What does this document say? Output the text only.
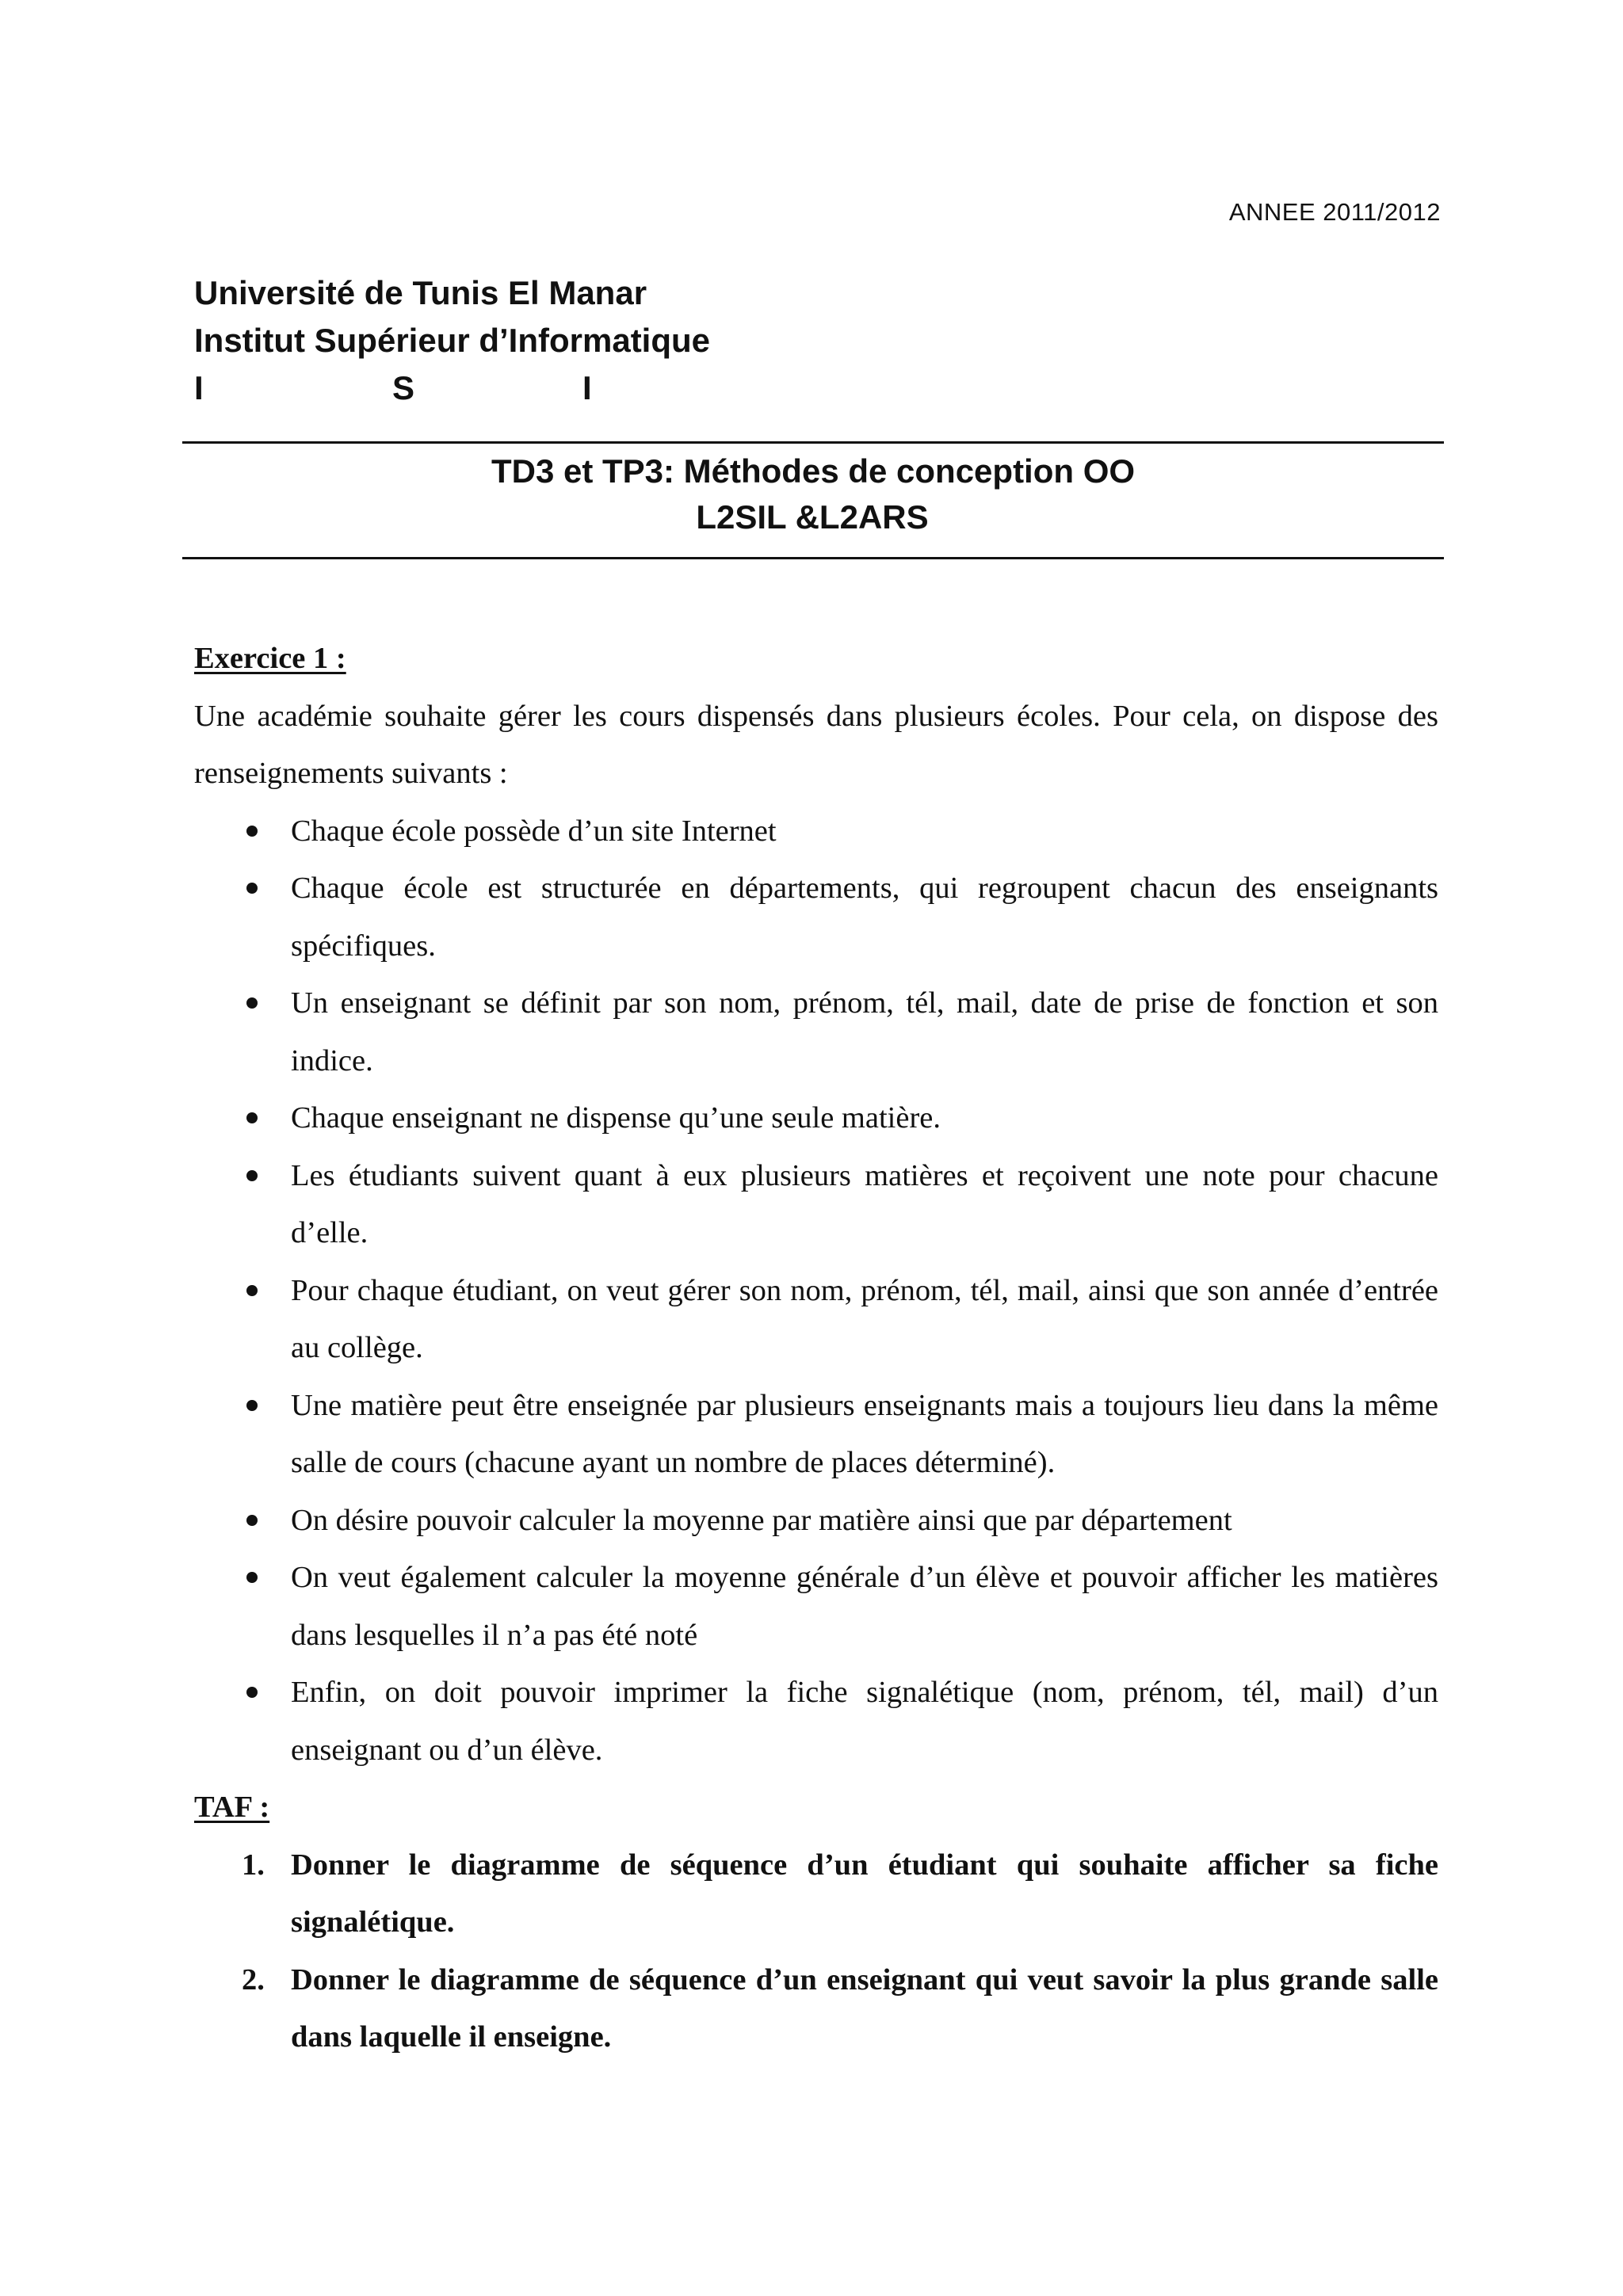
ANNEE 2011/2012
Université de Tunis El Manar
Institut Supérieur d’Informatique
I	S	I
TD3 et TP3: Méthodes de conception OO
L2SIL &L2ARS

Exercice 1 :

Une académie souhaite gérer les cours dispensés dans plusieurs écoles. Pour cela, on dispose des renseignements suivants :

Chaque école possède d’un site Internet
Chaque école est structurée en départements, qui regroupent chacun des enseignants spécifiques.
Un enseignant se définit par son nom, prénom, tél, mail, date de prise de fonction et son indice.
Chaque enseignant ne dispense qu’une seule matière.
Les étudiants suivent quant à eux plusieurs matières et reçoivent une note pour chacune d’elle.
Pour chaque étudiant, on veut gérer son nom, prénom, tél, mail, ainsi que son année d’entrée au collège.
Une matière peut être enseignée par plusieurs enseignants mais a toujours lieu dans la même salle de cours (chacune ayant un nombre de places déterminé).
On désire pouvoir calculer la moyenne par matière ainsi que par département
On veut également calculer la moyenne générale d’un élève et pouvoir afficher les matières dans lesquelles il n’a pas été noté
Enfin, on doit pouvoir imprimer la fiche signalétique (nom, prénom, tél, mail) d’un enseignant ou d’un élève.

TAF :

1. Donner le diagramme de séquence d’un étudiant qui souhaite afficher sa fiche signalétique.
2. Donner le diagramme de séquence d’un enseignant qui veut savoir la plus grande salle dans laquelle il enseigne.
